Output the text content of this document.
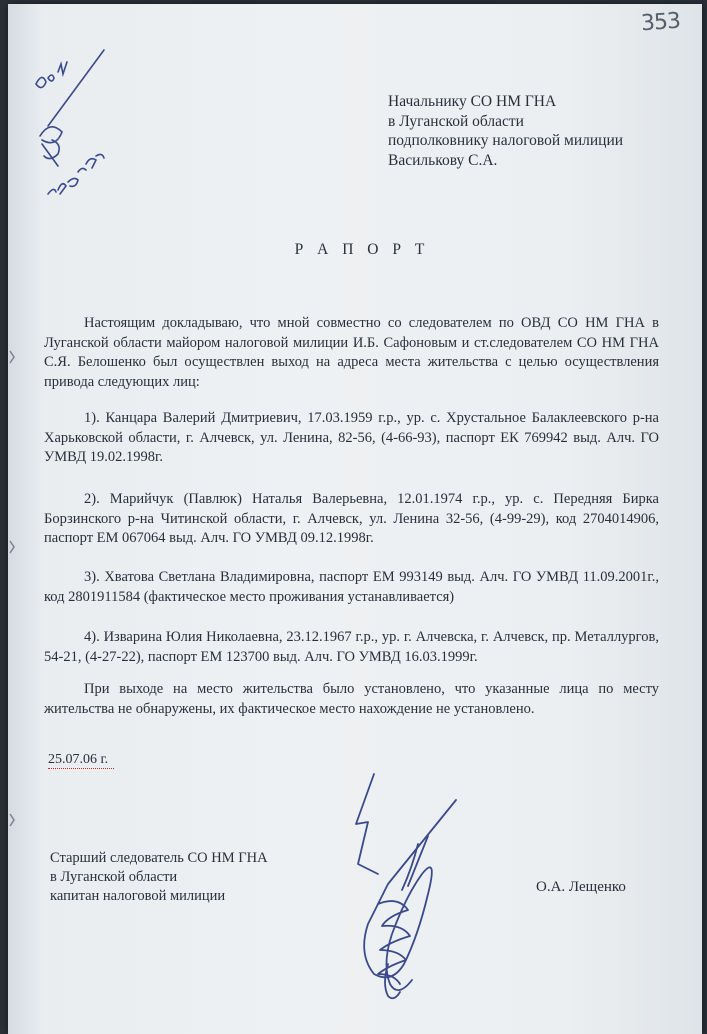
353
Начальнику СО НМ ГНА
в Луганской области
подполковнику налоговой милиции
Василькову С.А.
Р А П О Р Т
Настоящим докладываю, что мной совместно со следователем по ОВД СО НМ ГНА в Луганской области майором налоговой милиции И.Б. Сафоновым и ст.следователем СО НМ ГНА С.Я. Белошенко был осуществлен выход на адреса места жительства с целью осуществления привода следующих лиц:
1). Канцара Валерий Дмитриевич, 17.03.1959 г.р., ур. с. Хрустальное Балаклеевского р-на Харьковской области, г. Алчевск, ул. Ленина, 82-56, (4-66-93), паспорт ЕК 769942 выд. Алч. ГО УМВД 19.02.1998г.
2). Марийчук (Павлюк) Наталья Валерьевна, 12.01.1974 г.р., ур. с. Передняя Бирка Борзинского р-на Читинской области, г. Алчевск, ул. Ленина 32-56, (4-99-29), код 2704014906, паспорт ЕМ 067064 выд. Алч. ГО УМВД 09.12.1998г.
3). Хватова Светлана Владимировна, паспорт ЕМ 993149 выд. Алч. ГО УМВД 11.09.2001г., код 2801911584 (фактическое место проживания устанавливается)
4). Изварина Юлия Николаевна, 23.12.1967 г.р., ур. г. Алчевска, г. Алчевск, пр. Металлургов, 54-21, (4-27-22), паспорт ЕМ 123700 выд. Алч. ГО УМВД 16.03.1999г.
При выходе на место жительства было установлено, что указанные лица по месту жительства не обнаружены, их фактическое место нахождение не установлено.
25.07.06 г.
Старший следователь СО НМ ГНА
в Луганской области
капитан налоговой милиции
О.А. Лещенко
